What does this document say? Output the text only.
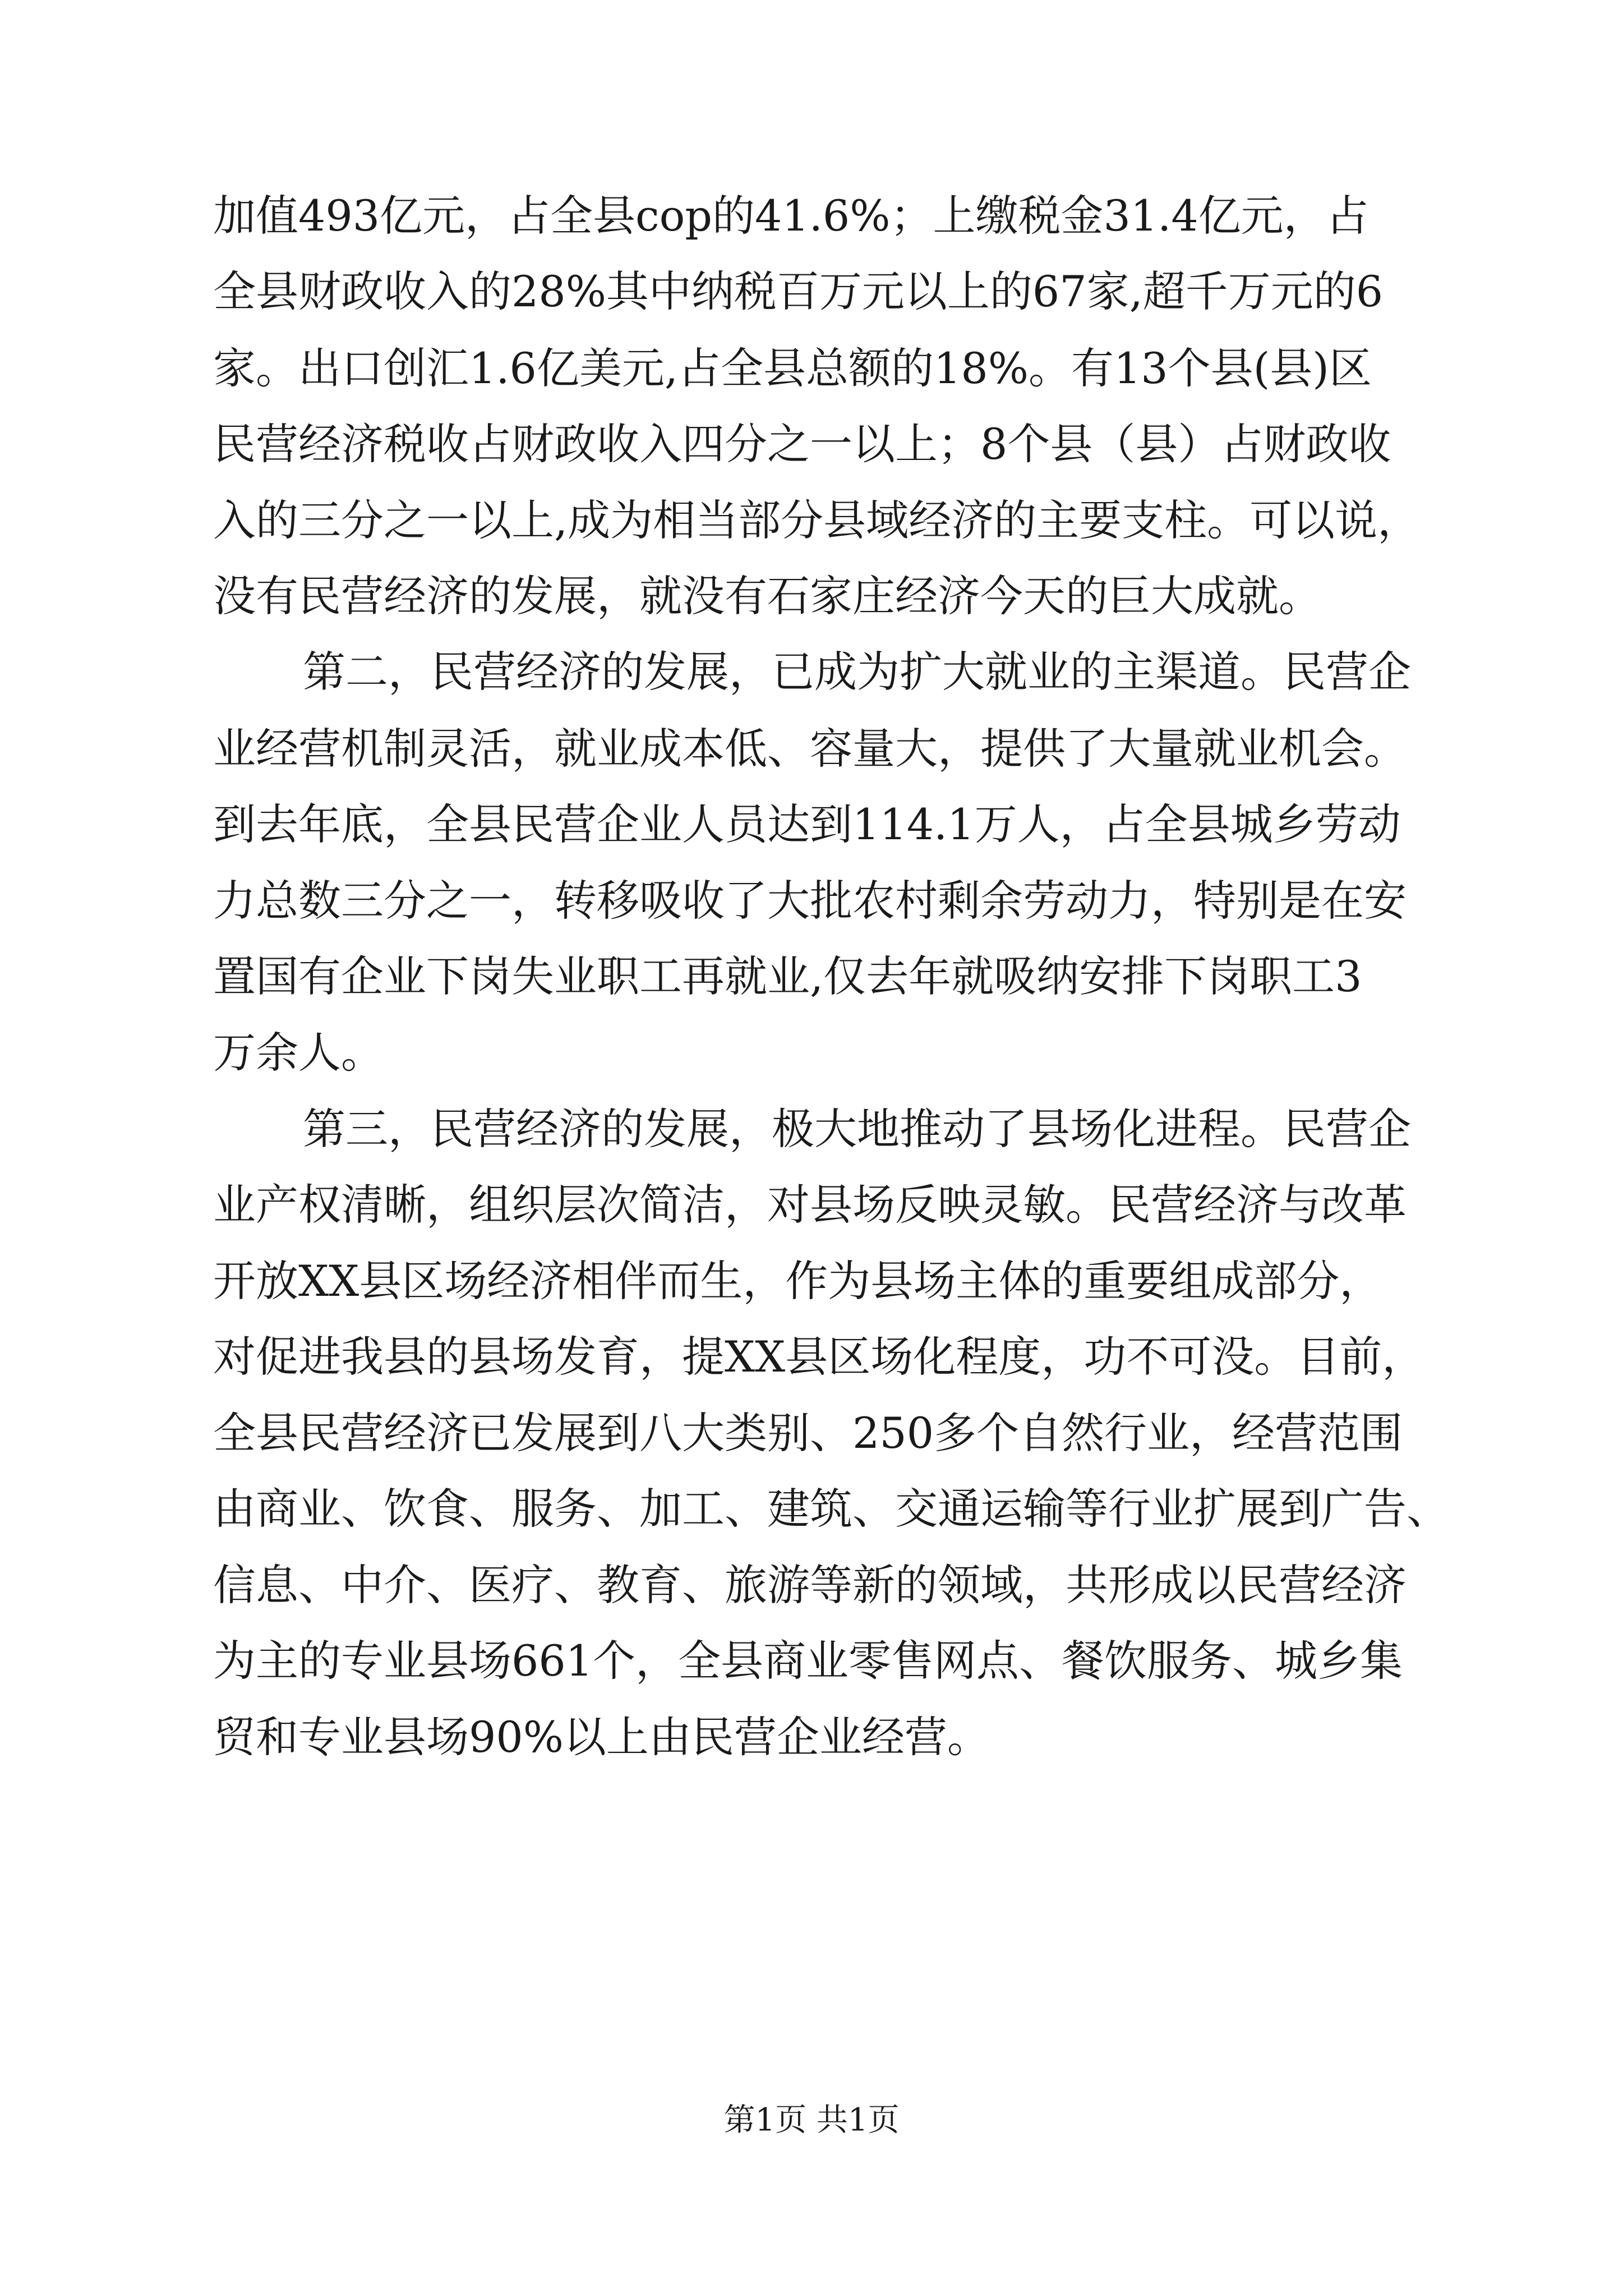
加值493亿元，占全县cop的41.6%；上缴税金31.4亿元，占
全县财政收入的28%其中纳税百万元以上的67家,超千万元的6
家。出口创汇1.6亿美元,占全县总额的18%。有13个县(县)区
民营经济税收占财政收入四分之一以上；8个县（县）占财政收
入的三分之一以上,成为相当部分县域经济的主要支柱。可以说，
没有民营经济的发展，就没有石家庄经济今天的巨大成就。
第二，民营经济的发展，已成为扩大就业的主渠道。民营企
业经营机制灵活，就业成本低、容量大，提供了大量就业机会。
到去年底，全县民营企业人员达到114.1万人，占全县城乡劳动
力总数三分之一，转移吸收了大批农村剩余劳动力，特别是在安
置国有企业下岗失业职工再就业,仅去年就吸纳安排下岗职工3
万余人。
第三，民营经济的发展，极大地推动了县场化进程。民营企
业产权清晰，组织层次简洁，对县场反映灵敏。民营经济与改革
开放XX县区场经济相伴而生，作为县场主体的重要组成部分，
对促进我县的县场发育，提XX县区场化程度，功不可没。目前，
全县民营经济已发展到八大类别、250多个自然行业，经营范围
由商业、饮食、服务、加工、建筑、交通运输等行业扩展到广告、
信息、中介、医疗、教育、旅游等新的领域，共形成以民营经济
为主的专业县场661个，全县商业零售网点、餐饮服务、城乡集
贸和专业县场90%以上由民营企业经营。
第1页 共1页
